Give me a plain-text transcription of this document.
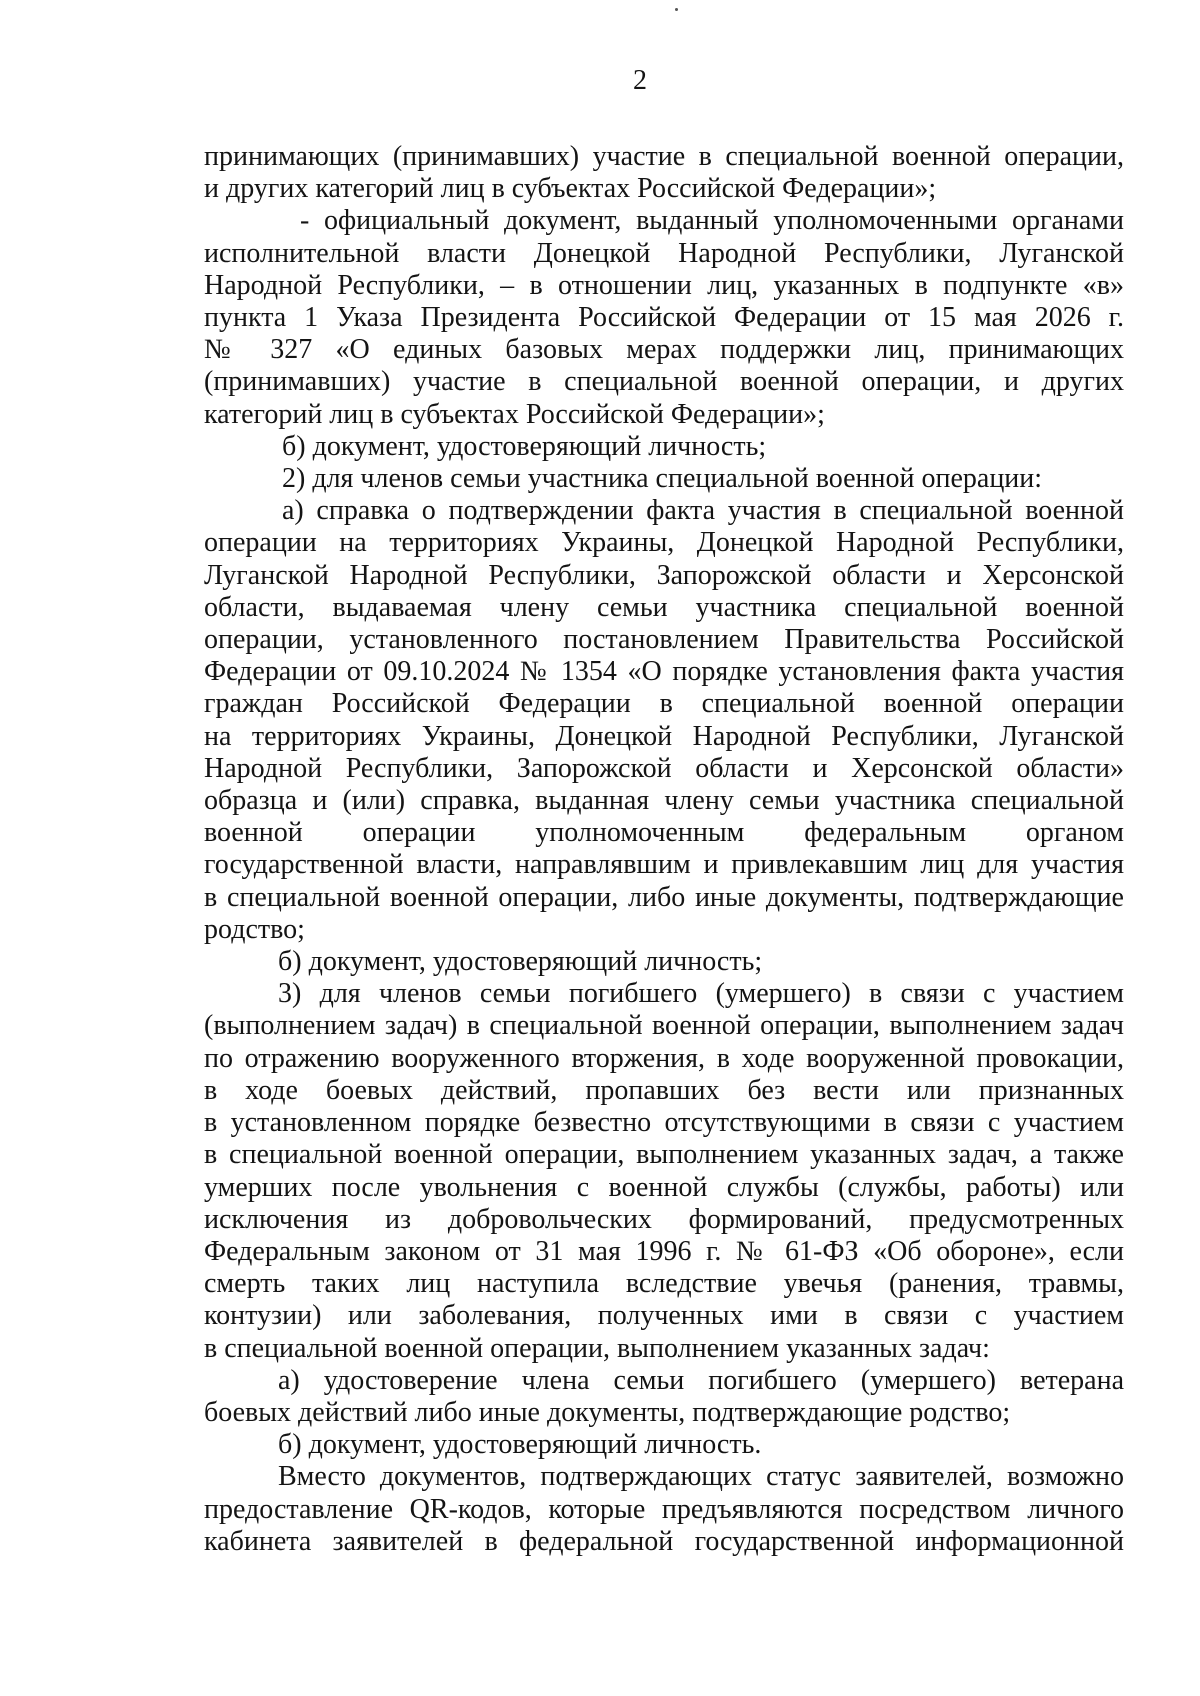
2

принимающих (принимавших) участие в специальной военной операции,

и других категорий лиц в субъектах Российской Федерации»;

- официальный документ, выданный уполномоченными органами

исполнительной власти Донецкой Народной Республики, Луганской

Народной Республики, – в отношении лиц, указанных в подпункте «в»

пункта 1 Указа Президента Российской Федерации от 15 мая 2026 г.

№ 327 «О единых базовых мерах поддержки лиц, принимающих

(принимавших) участие в специальной военной операции, и других

категорий лиц в субъектах Российской Федерации»;

б) документ, удостоверяющий личность;

2) для членов семьи участника специальной военной операции:

а) справка о подтверждении факта участия в специальной военной

операции на территориях Украины, Донецкой Народной Республики,

Луганской Народной Республики, Запорожской области и Херсонской

области, выдаваемая члену семьи участника специальной военной

операции, установленного постановлением Правительства Российской

Федерации от 09.10.2024 № 1354 «О порядке установления факта участия

граждан Российской Федерации в специальной военной операции

на территориях Украины, Донецкой Народной Республики, Луганской

Народной Республики, Запорожской области и Херсонской области»

образца и (или) справка, выданная члену семьи участника специальной

военной операции уполномоченным федеральным органом

государственной власти, направлявшим и привлекавшим лиц для участия

в специальной военной операции, либо иные документы, подтверждающие

родство;

б) документ, удостоверяющий личность;

3) для членов семьи погибшего (умершего) в связи с участием

(выполнением задач) в специальной военной операции, выполнением задач

по отражению вооруженного вторжения, в ходе вооруженной провокации,

в ходе боевых действий, пропавших без вести или признанных

в установленном порядке безвестно отсутствующими в связи с участием

в специальной военной операции, выполнением указанных задач, а также

умерших после увольнения с военной службы (службы, работы) или

исключения из добровольческих формирований, предусмотренных

Федеральным законом от 31 мая 1996 г. № 61-ФЗ «Об обороне», если

смерть таких лиц наступила вследствие увечья (ранения, травмы,

контузии) или заболевания, полученных ими в связи с участием

в специальной военной операции, выполнением указанных задач:

а) удостоверение члена семьи погибшего (умершего) ветерана

боевых действий либо иные документы, подтверждающие родство;

б) документ, удостоверяющий личность.

Вместо документов, подтверждающих статус заявителей, возможно

предоставление QR-кодов, которые предъявляются посредством личного

кабинета заявителей в федеральной государственной информационной
